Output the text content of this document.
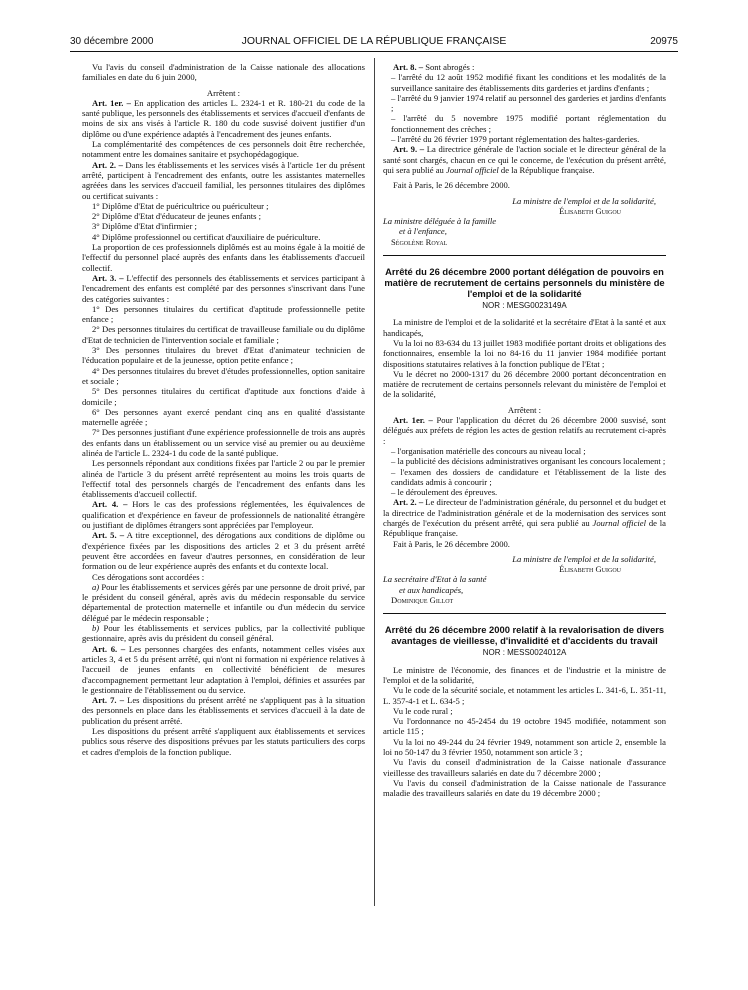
30 décembre 2000	JOURNAL OFFICIEL DE LA RÉPUBLIQUE FRANÇAISE	20975

Vu l'avis du conseil d'administration de la Caisse nationale des allocations familiales en date du 6 juin 2000,

Arrêtent :

Art. 1er. – En application des articles L. 2324-1 et R. 180-21 du code de la santé publique, les personnels des établissements et services d'accueil d'enfants de moins de six ans visés à l'article R. 180 du code susvisé doivent justifier d'un diplôme ou d'une expérience adaptés à l'encadrement des jeunes enfants.

La complémentarité des compétences de ces personnels doit être recherchée, notamment entre les domaines sanitaire et psychopédagogique.

Art. 2. – Dans les établissements et les services visés à l'article 1er du présent arrêté, participent à l'encadrement des enfants, outre les assistantes maternelles agréées dans les services d'accueil familial, les personnes titulaires des diplômes ou certificat suivants :

1° Diplôme d'Etat de puéricultrice ou puériculteur ;

2° Diplôme d'Etat d'éducateur de jeunes enfants ;

3° Diplôme d'Etat d'infirmier ;

4° Diplôme professionnel ou certificat d'auxiliaire de puériculture.

La proportion de ces professionnels diplômés est au moins égale à la moitié de l'effectif du personnel placé auprès des enfants dans les établissements d'accueil collectif.

Art. 3. – L'effectif des personnels des établissements et services participant à l'encadrement des enfants est complété par des personnes s'inscrivant dans l'une des catégories suivantes :

1° Des personnes titulaires du certificat d'aptitude professionnelle petite enfance ;

2° Des personnes titulaires du certificat de travailleuse familiale ou du diplôme d'Etat de technicien de l'intervention sociale et familiale ;

3° Des personnes titulaires du brevet d'Etat d'animateur technicien de l'éducation populaire et de la jeunesse, option petite enfance ;

4° Des personnes titulaires du brevet d'études professionnelles, option sanitaire et sociale ;

5° Des personnes titulaires du certificat d'aptitude aux fonctions d'aide à domicile ;

6° Des personnes ayant exercé pendant cinq ans en qualité d'assistante maternelle agréée ;

7° Des personnes justifiant d'une expérience professionnelle de trois ans auprès des enfants dans un établissement ou un service visé au premier ou au deuxième alinéa de l'article L. 2324-1 du code de la santé publique.

Les personnels répondant aux conditions fixées par l'article 2 ou par le premier alinéa de l'article 3 du présent arrêté représentent au moins les trois quarts de l'effectif total des personnels chargés de l'encadrement des enfants dans les établissements d'accueil collectif.

Art. 4. – Hors le cas des professions réglementées, les équivalences de qualification et d'expérience en faveur de professionnels de nationalité étrangère ou justifiant de diplômes étrangers sont appréciées par l'employeur.

Art. 5. – A titre exceptionnel, des dérogations aux conditions de diplôme ou d'expérience fixées par les dispositions des articles 2 et 3 du présent arrêté peuvent être accordées en faveur d'autres personnes, en considération de leur formation ou de leur expérience auprès des enfants et du contexte local.

Ces dérogations sont accordées :

a) Pour les établissements et services gérés par une personne de droit privé, par le président du conseil général, après avis du médecin responsable du service départemental de protection maternelle et infantile ou d'un médecin du service délégué par le médecin responsable ;

b) Pour les établissements et services publics, par la collectivité publique gestionnaire, après avis du président du conseil général.

Art. 6. – Les personnes chargées des enfants, notamment celles visées aux articles 3, 4 et 5 du présent arrêté, qui n'ont ni formation ni expérience relatives à l'accueil de jeunes enfants en collectivité bénéficient de mesures d'accompagnement permettant leur adaptation à l'emploi, définies et assurées par le gestionnaire de l'établissement ou du service.

Art. 7. – Les dispositions du présent arrêté ne s'appliquent pas à la situation des personnels en place dans les établissements et services d'accueil à la date de publication du présent arrêté.

Les dispositions du présent arrêté s'appliquent aux établissements et services publics sous réserve des dispositions prévues par les statuts particuliers des corps et cadres d'emplois de la fonction publique.

Art. 8. – Sont abrogés :

– l'arrêté du 12 août 1952 modifié fixant les conditions et les modalités de la surveillance sanitaire des établissements dits garderies et jardins d'enfants ;

– l'arrêté du 9 janvier 1974 relatif au personnel des garderies et jardins d'enfants ;

– l'arrêté du 5 novembre 1975 modifié portant réglementation du fonctionnement des crèches ;

– l'arrêté du 26 février 1979 portant réglementation des haltes-garderies.

Art. 9. – La directrice générale de l'action sociale et le directeur général de la santé sont chargés, chacun en ce qui le concerne, de l'exécution du présent arrêté, qui sera publié au Journal officiel de la République française.

Fait à Paris, le 26 décembre 2000.

La ministre de l'emploi et de la solidarité,

Élisabeth Guigou

La ministre déléguée à la famille

et à l'enfance,

Ségolène Royal

Arrêté du 26 décembre 2000 portant délégation de pouvoirs en matière de recrutement de certains personnels du ministère de l'emploi et de la solidarité

NOR : MESG0023149A

La ministre de l'emploi et de la solidarité et la secrétaire d'Etat à la santé et aux handicapés,

Vu la loi no 83-634 du 13 juillet 1983 modifiée portant droits et obligations des fonctionnaires, ensemble la loi no 84-16 du 11 janvier 1984 modifiée portant dispositions statutaires relatives à la fonction publique de l'Etat ;

Vu le décret no 2000-1317 du 26 décembre 2000 portant déconcentration en matière de recrutement de certains personnels relevant du ministère de l'emploi et de la solidarité,

Arrêtent :

Art. 1er. – Pour l'application du décret du 26 décembre 2000 susvisé, sont délégués aux préfets de région les actes de gestion relatifs au recrutement ci-après :

– l'organisation matérielle des concours au niveau local ;

– la publicité des décisions administratives organisant les concours localement ;

– l'examen des dossiers de candidature et l'établissement de la liste des candidats admis à concourir ;

– le déroulement des épreuves.

Art. 2. – Le directeur de l'administration générale, du personnel et du budget et la directrice de l'administration générale et de la modernisation des services sont chargés de l'exécution du présent arrêté, qui sera publié au Journal officiel de la République française.

Fait à Paris, le 26 décembre 2000.

La ministre de l'emploi et de la solidarité,

Élisabeth Guigou

La secrétaire d'Etat à la santé

et aux handicapés,

Dominique Gillot

Arrêté du 26 décembre 2000 relatif à la revalorisation de divers avantages de vieillesse, d'invalidité et d'accidents du travail

NOR : MESS0024012A

Le ministre de l'économie, des finances et de l'industrie et la ministre de l'emploi et de la solidarité,

Vu le code de la sécurité sociale, et notamment les articles L. 341-6, L. 351-11, L. 357-4-1 et L. 634-5 ;

Vu le code rural ;

Vu l'ordonnance no 45-2454 du 19 octobre 1945 modifiée, notamment son article 115 ;

Vu la loi no 49-244 du 24 février 1949, notamment son article 2, ensemble la loi no 50-147 du 3 février 1950, notamment son article 3 ;

Vu l'avis du conseil d'administration de la Caisse nationale d'assurance vieillesse des travailleurs salariés en date du 7 décembre 2000 ;

Vu l'avis du conseil d'administration de la Caisse nationale de l'assurance maladie des travailleurs salariés en date du 19 décembre 2000 ;
